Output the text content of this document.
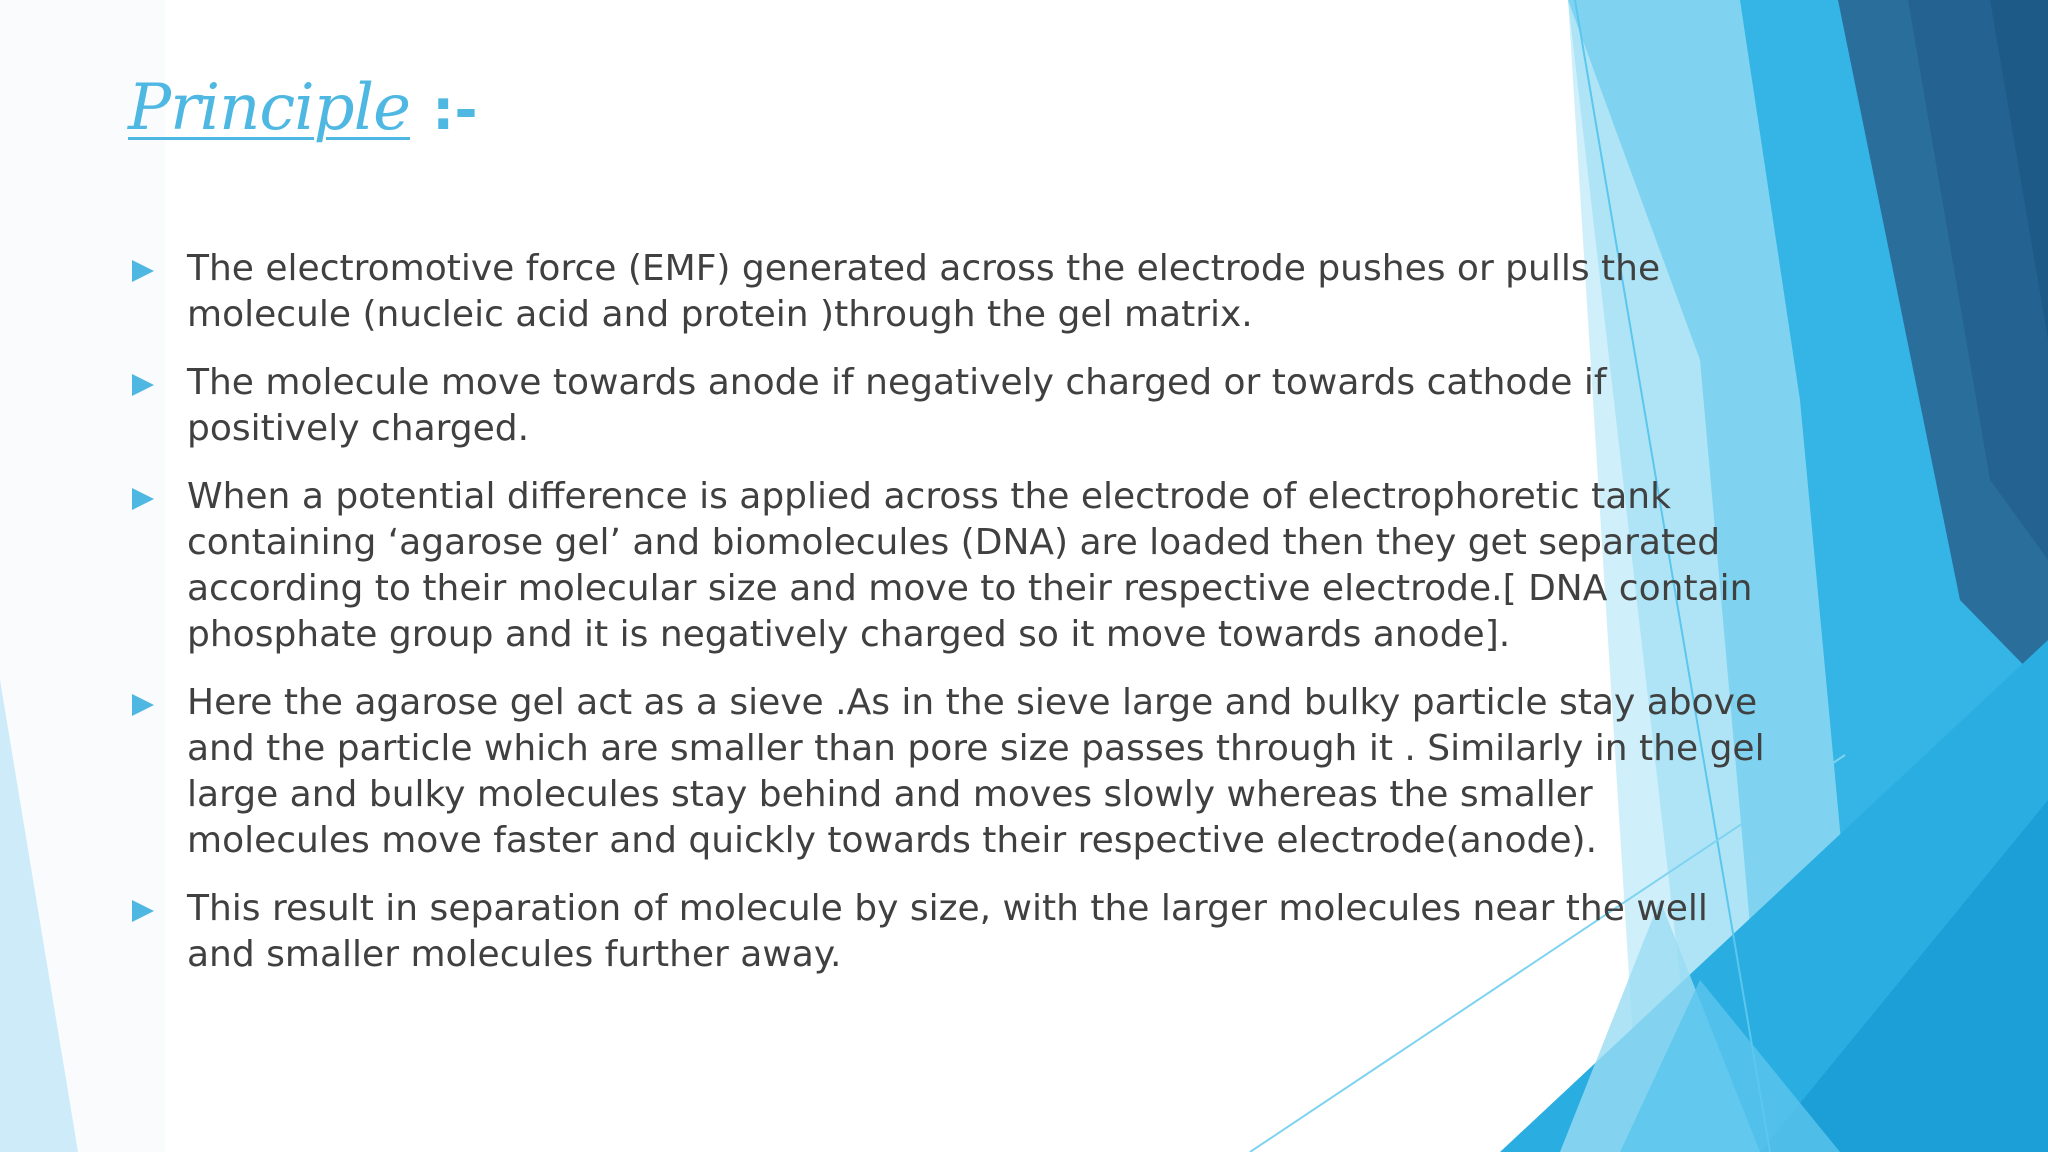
Principle :-
The electromotive force (EMF) generated across the electrode pushes or pulls the molecule (nucleic acid and protein )through the gel matrix.
The molecule move towards anode if negatively charged or towards cathode if positively charged.
When a potential difference is applied across the electrode of electrophoretic tank containing ‘agarose gel’ and biomolecules (DNA) are loaded then they get separated according to their molecular size and move to their respective electrode.[ DNA contain phosphate group and it is negatively charged so it move towards anode].
Here the agarose gel act as a sieve .As in the sieve large and bulky particle stay above and the particle which are smaller than pore size passes through it . Similarly in the gel large and bulky molecules stay behind and moves slowly whereas the smaller molecules move faster and quickly towards their respective electrode(anode).
This result in separation of molecule by size, with the larger molecules near the well and smaller molecules further away.
